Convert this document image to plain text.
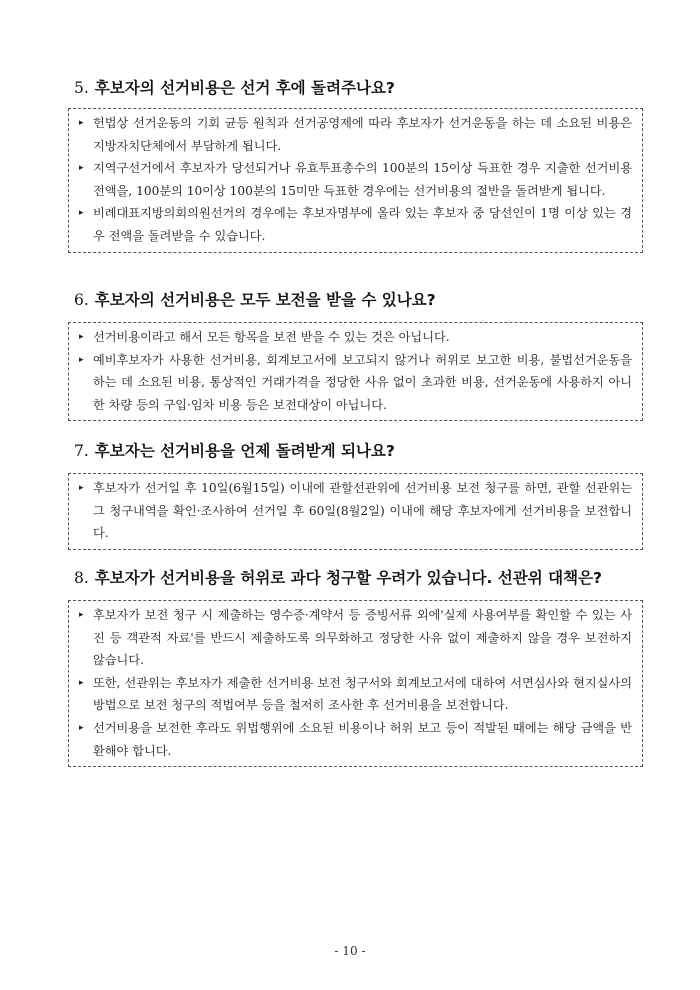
5. 후보자의 선거비용은 선거 후에 돌려주나요?
▸ 헌법상 선거운동의 기회 균등 원칙과 선거공영제에 따라 후보자가 선거운동을 하는 데 소요된 비용은 지방자치단체에서 부담하게 됩니다.
▸ 지역구선거에서 후보자가 당선되거나 유효투표총수의 100분의 15이상 득표한 경우 지출한 선거비용 전액을, 100분의 10이상 100분의 15미만 득표한 경우에는 선거비용의 절반을 돌려받게 됩니다.
▸ 비례대표지방의회의원선거의 경우에는 후보자명부에 올라 있는 후보자 중 당선인이 1명 이상 있는 경우 전액을 돌려받을 수 있습니다.
6. 후보자의 선거비용은 모두 보전을 받을 수 있나요?
▸ 선거비용이라고 해서 모든 항목을 보전 받을 수 있는 것은 아닙니다.
▸ 예비후보자가 사용한 선거비용, 회계보고서에 보고되지 않거나 허위로 보고한 비용, 불법선거운동을 하는 데 소요된 비용, 통상적인 거래가격을 정당한 사유 없이 초과한 비용, 선거운동에 사용하지 아니한 차량 등의 구입·임차 비용 등은 보전대상이 아닙니다.
7. 후보자는 선거비용을 언제 돌려받게 되나요?
▸ 후보자가 선거일 후 10일(6월15일) 이내에 관할선관위에 선거비용 보전 청구를 하면, 관할 선관위는 그 청구내역을 확인·조사하여 선거일 후 60일(8월2일) 이내에 해당 후보자에게 선거비용을 보전합니다.
8. 후보자가 선거비용을 허위로 과다 청구할 우려가 있습니다. 선관위 대책은?
▸ 후보자가 보전 청구 시 제출하는 영수증·계약서 등 증빙서류 외에'실제 사용여부를 확인할 수 있는 사진 등 객관적 자료'를 반드시 제출하도록 의무화하고 정당한 사유 없이 제출하지 않을 경우 보전하지 않습니다.
▸ 또한, 선관위는 후보자가 제출한 선거비용 보전 청구서와 회계보고서에 대하여 서면심사와 현지실사의 방법으로 보전 청구의 적법여부 등을 철저히 조사한 후 선거비용을 보전합니다.
▸ 선거비용을 보전한 후라도 위법행위에 소요된 비용이나 허위 보고 등이 적발된 때에는 해당 금액을 반환해야 합니다.
- 10 -
